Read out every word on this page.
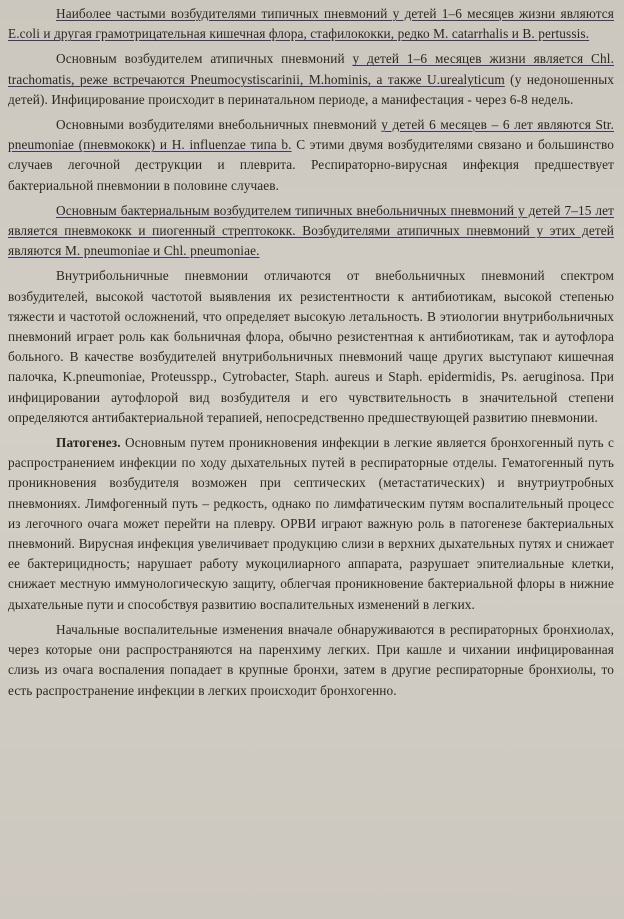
Наиболее частыми возбудителями типичных пневмоний у детей 1–6 месяцев жизни являются E.coli и другая грамотрицательная кишечная флора, стафилококки, редко M. catarrhalis и B. pertussis.

Основным возбудителем атипичных пневмоний у детей 1–6 месяцев жизни является Chl. trachomatis, реже встречаются Pneumocystiscarinii, M.hominis, а также U.urealyticum (у недоношенных детей). Инфицирование происходит в перинатальном периоде, а манифестация - через 6-8 недель.

Основными возбудителями внебольничных пневмоний у детей 6 месяцев – 6 лет являются Str. pneumoniae (пневмококк) и H. influenzae типа b. С этими двумя возбудителями связано и большинство случаев легочной деструкции и плеврита. Респираторно-вирусная инфекция предшествует бактериальной пневмонии в половине случаев.

Основным бактериальным возбудителем типичных внебольничных пневмоний у детей 7–15 лет является пневмококк и пиогенный стрептококк. Возбудителями атипичных пневмоний у этих детей являются M. pneumoniae и Chl. pneumoniae.

Внутрибольничные пневмонии отличаются от внебольничных пневмоний спектром возбудителей, высокой частотой выявления их резистентности к антибиотикам, высокой степенью тяжести и частотой осложнений, что определяет высокую летальность. В этиологии внутрибольничных пневмоний играет роль как больничная флора, обычно резистентная к антибиотикам, так и аутофлора больного. В качестве возбудителей внутрибольничных пневмоний чаще других выступают кишечная палочка, K.pneumoniae, Proteusspp., Cytrobacter, Staph. aureus и Staph. epidermidis, Ps. aeruginosa. При инфицировании аутофлорой вид возбудителя и его чувствительность в значительной степени определяются антибактериальной терапией, непосредственно предшествующей развитию пневмонии.

Патогенез. Основным путем проникновения инфекции в легкие является бронхогенный путь с распространением инфекции по ходу дыхательных путей в респираторные отделы. Гематогенный путь проникновения возбудителя возможен при септических (метастатических) и внутриутробных пневмониях. Лимфогенный путь – редкость, однако по лимфатическим путям воспалительный процесс из легочного очага может перейти на плевру. ОРВИ играют важную роль в патогенезе бактериальных пневмоний. Вирусная инфекция увеличивает продукцию слизи в верхних дыхательных путях и снижает ее бактерицидность; нарушает работу мукоцилиарного аппарата, разрушает эпителиальные клетки, снижает местную иммунологическую защиту, облегчая проникновение бактериальной флоры в нижние дыхательные пути и способствуя развитию воспалительных изменений в легких.

Начальные воспалительные изменения вначале обнаруживаются в респираторных бронхиолах, через которые они распространяются на паренхиму легких. При кашле и чихании инфицированная слизь из очага воспаления попадает в крупные бронхи, затем в другие респираторные бронхиолы, то есть распространение инфекции в легких происходит бронхогенно.
